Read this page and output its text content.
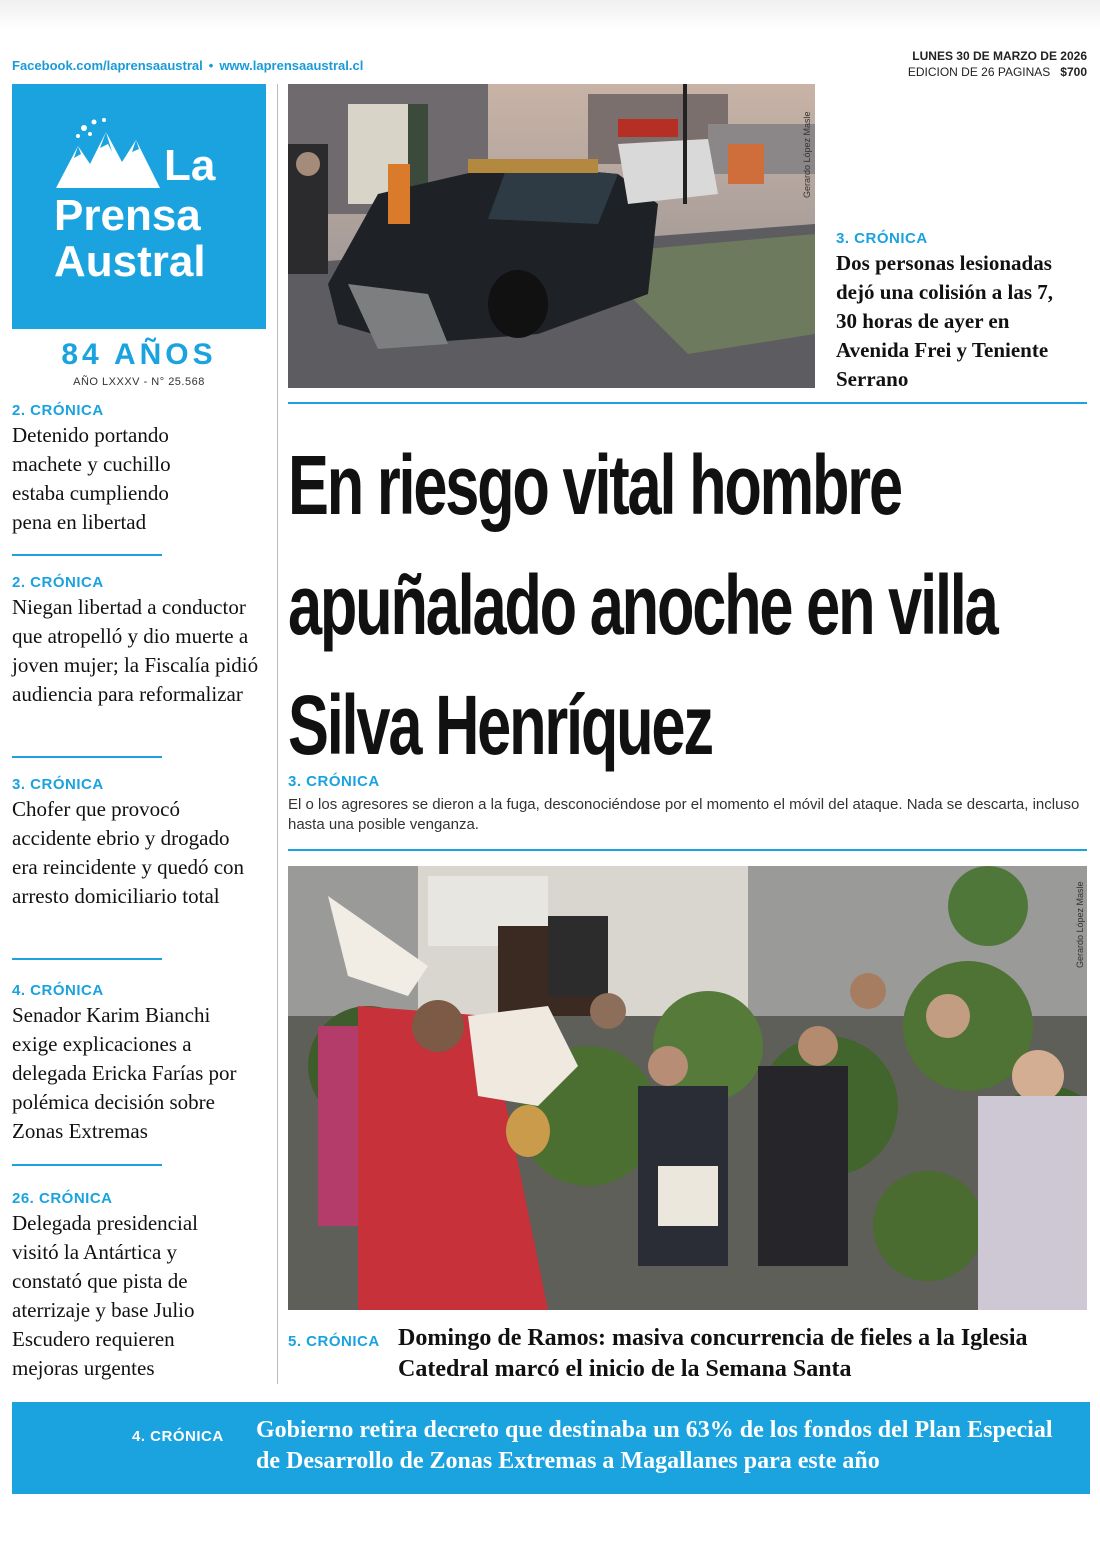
Facebook.com/laprensaaustral • www.laprensaaustral.cl
LUNES 30 DE MARZO DE 2026
EDICION DE 26 PAGINAS $700
La
Prensa
Austral
84 AÑOS
AÑO LXXXV - N° 25.568
2. CRÓNICA
Detenido portando machete y cuchillo estaba cumpliendo pena en libertad
2. CRÓNICA
Niegan libertad a conductor que atropelló y dio muerte a joven mujer; la Fiscalía pidió audiencia para reformalizar
3. CRÓNICA
Chofer que provocó accidente ebrio y drogado era reincidente y quedó con arresto domiciliario total
4. CRÓNICA
Senador Karim Bianchi exige explicaciones a delegada Ericka Farías por polémica decisión sobre Zonas Extremas
26. CRÓNICA
Delegada presidencial visitó la Antártica y constató que pista de aterrizaje y base Julio Escudero requieren mejoras urgentes
Gerardo López Masle
3. CRÓNICA
Dos personas lesionadas dejó una colisión a las 7, 30 horas de ayer en Avenida Frei y Teniente Serrano
En riesgo vital hombre apuñalado anoche en villa Silva Henríquez
3. CRÓNICA
El o los agresores se dieron a la fuga, desconociéndose por el momento el móvil del ataque. Nada se descarta, incluso hasta una posible venganza.
Gerardo López Masle
5. CRÓNICA Domingo de Ramos: masiva concurrencia de fieles a la Iglesia Catedral marcó el inicio de la Semana Santa
4. CRÓNICA Gobierno retira decreto que destinaba un 63% de los fondos del Plan Especial de Desarrollo de Zonas Extremas a Magallanes para este año
